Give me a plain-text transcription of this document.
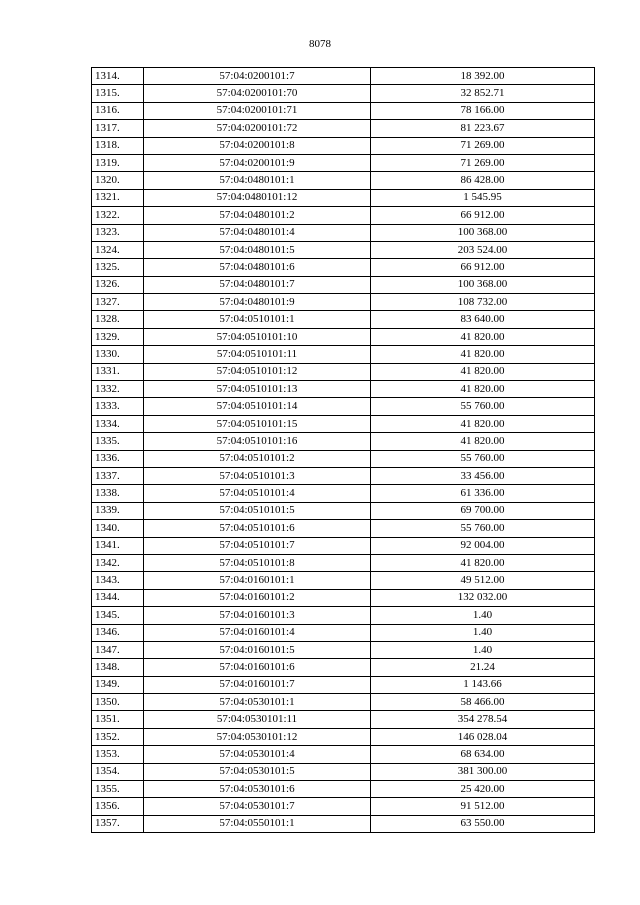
8078
1314.	57:04:0200101:7	18 392.00
1315.	57:04:0200101:70	32 852.71
1316.	57:04:0200101:71	78 166.00
1317.	57:04:0200101:72	81 223.67
1318.	57:04:0200101:8	71 269.00
1319.	57:04:0200101:9	71 269.00
1320.	57:04:0480101:1	86 428.00
1321.	57:04:0480101:12	1 545.95
1322.	57:04:0480101:2	66 912.00
1323.	57:04:0480101:4	100 368.00
1324.	57:04:0480101:5	203 524.00
1325.	57:04:0480101:6	66 912.00
1326.	57:04:0480101:7	100 368.00
1327.	57:04:0480101:9	108 732.00
1328.	57:04:0510101:1	83 640.00
1329.	57:04:0510101:10	41 820.00
1330.	57:04:0510101:11	41 820.00
1331.	57:04:0510101:12	41 820.00
1332.	57:04:0510101:13	41 820.00
1333.	57:04:0510101:14	55 760.00
1334.	57:04:0510101:15	41 820.00
1335.	57:04:0510101:16	41 820.00
1336.	57:04:0510101:2	55 760.00
1337.	57:04:0510101:3	33 456.00
1338.	57:04:0510101:4	61 336.00
1339.	57:04:0510101:5	69 700.00
1340.	57:04:0510101:6	55 760.00
1341.	57:04:0510101:7	92 004.00
1342.	57:04:0510101:8	41 820.00
1343.	57:04:0160101:1	49 512.00
1344.	57:04:0160101:2	132 032.00
1345.	57:04:0160101:3	1.40
1346.	57:04:0160101:4	1.40
1347.	57:04:0160101:5	1.40
1348.	57:04:0160101:6	21.24
1349.	57:04:0160101:7	1 143.66
1350.	57:04:0530101:1	58 466.00
1351.	57:04:0530101:11	354 278.54
1352.	57:04:0530101:12	146 028.04
1353.	57:04:0530101:4	68 634.00
1354.	57:04:0530101:5	381 300.00
1355.	57:04:0530101:6	25 420.00
1356.	57:04:0530101:7	91 512.00
1357.	57:04:0550101:1	63 550.00
